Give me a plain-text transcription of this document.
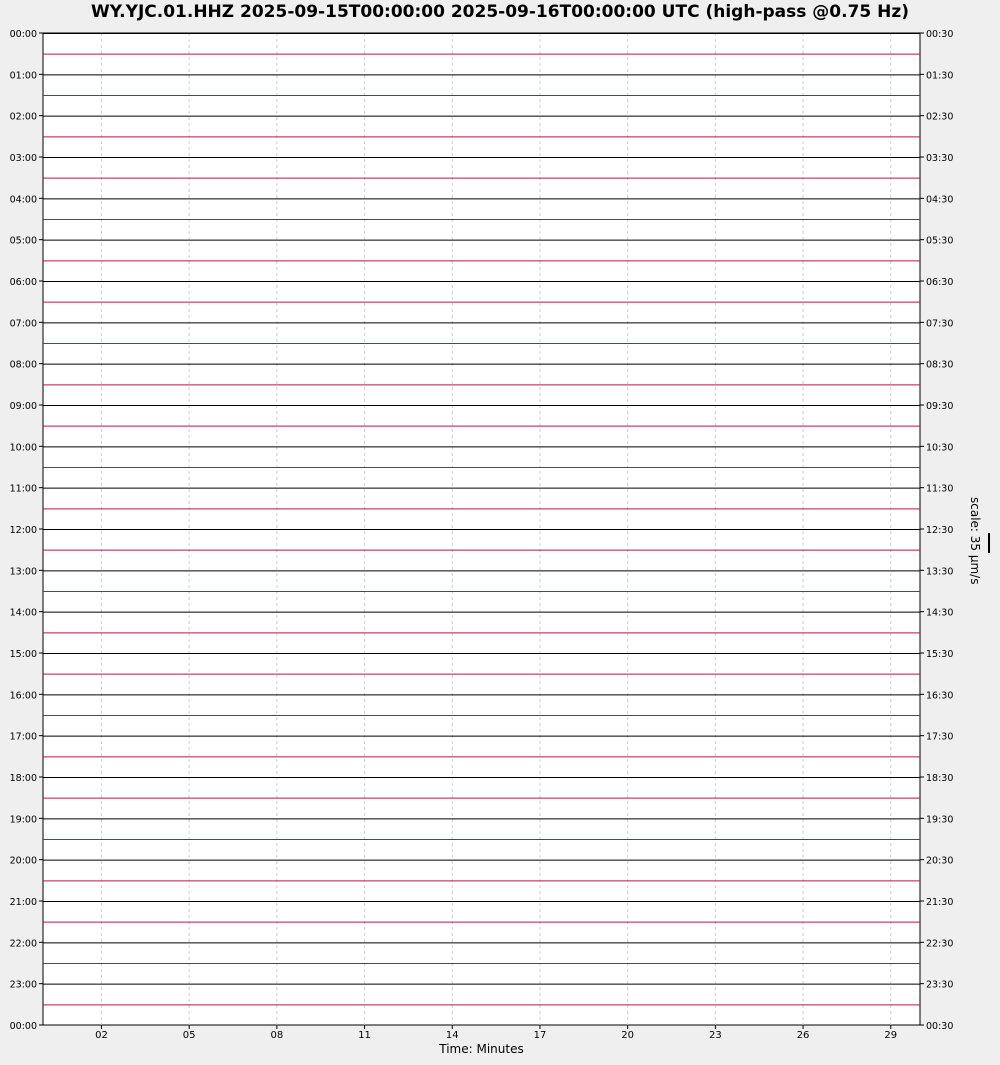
WY.YJC.01.HHZ 2025-09-15T00:00:00 2025-09-16T00:00:00 UTC (high-pass @0.75 Hz)
00:00
01:00
02:00
03:00
04:00
05:00
06:00
07:00
08:00
09:00
10:00
11:00
12:00
13:00
14:00
15:00
16:00
17:00
18:00
19:00
20:00
21:00
22:00
23:00
00:00
00:30
01:30
02:30
03:30
04:30
05:30
06:30
07:30
08:30
09:30
10:30
11:30
12:30
13:30
14:30
15:30
16:30
17:30
18:30
19:30
20:30
21:30
22:30
23:30
00:30
02	05	08	11	14	17	20	23	26	29
Time: Minutes
scale: 35 µm/s
